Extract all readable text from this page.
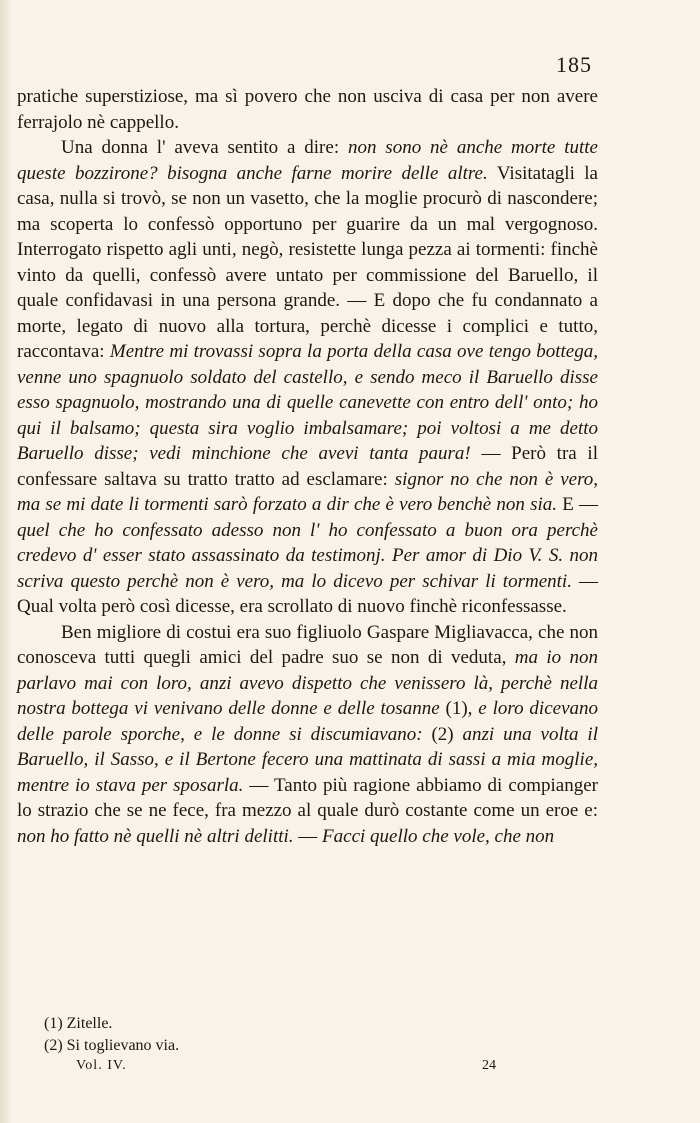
185

pratiche superstiziose, ma sì povero che non usciva di casa per non avere ferrajolo nè cappello.

Una donna l' aveva sentito a dire: non sono nè anche morte tutte queste bozzirone? bisogna anche farne morire delle altre. Visitatagli la casa, nulla si trovò, se non un vasetto, che la moglie procurò di nascondere; ma scoperta lo confessò opportuno per guarire da un mal vergognoso. Interrogato rispetto agli unti, negò, resistette lunga pezza ai tormenti: finchè vinto da quelli, confessò avere untato per commissione del Baruello, il quale confidavasi in una persona grande. — E dopo che fu condannato a morte, legato di nuovo alla tortura, perchè dicesse i complici e tutto, raccontava: Mentre mi trovassi sopra la porta della casa ove tengo bottega, venne uno spagnuolo soldato del castello, e sendo meco il Baruello disse esso spagnuolo, mostrando una di quelle canevette con entro dell' onto; ho qui il balsamo; questa sira voglio imbalsamare; poi voltosi a me detto Baruello disse; vedi minchione che avevi tanta paura! — Però tra il confessare saltava su tratto tratto ad esclamare: signor no che non è vero, ma se mi date li tormenti sarò forzato a dir che è vero benchè non sia. E — quel che ho confessato adesso non l' ho confessato a buon ora perchè credevo d' esser stato assassinato da testimonj. Per amor di Dio V. S. non scriva questo perchè non è vero, ma lo dicevo per schivar li tormenti. — Qual volta però così dicesse, era scrollato di nuovo finchè riconfessasse.

Ben migliore di costui era suo figliuolo Gaspare Migliavacca, che non conosceva tutti quegli amici del padre suo se non di veduta, ma io non parlavo mai con loro, anzi avevo dispetto che venissero là, perchè nella nostra bottega vi venivano delle donne e delle tosanne (1), e loro dicevano delle parole sporche, e le donne si discumiavano: (2) anzi una volta il Baruello, il Sasso, e il Bertone fecero una mattinata di sassi a mia moglie, mentre io stava per sposarla. — Tanto più ragione abbiamo di compianger lo strazio che se ne fece, fra mezzo al quale durò costante come un eroe e: non ho fatto nè quelli nè altri delitti. — Facci quello che vole, che non

(1) Zitelle.
(2) Si toglievano via.
Vol. IV.	24
